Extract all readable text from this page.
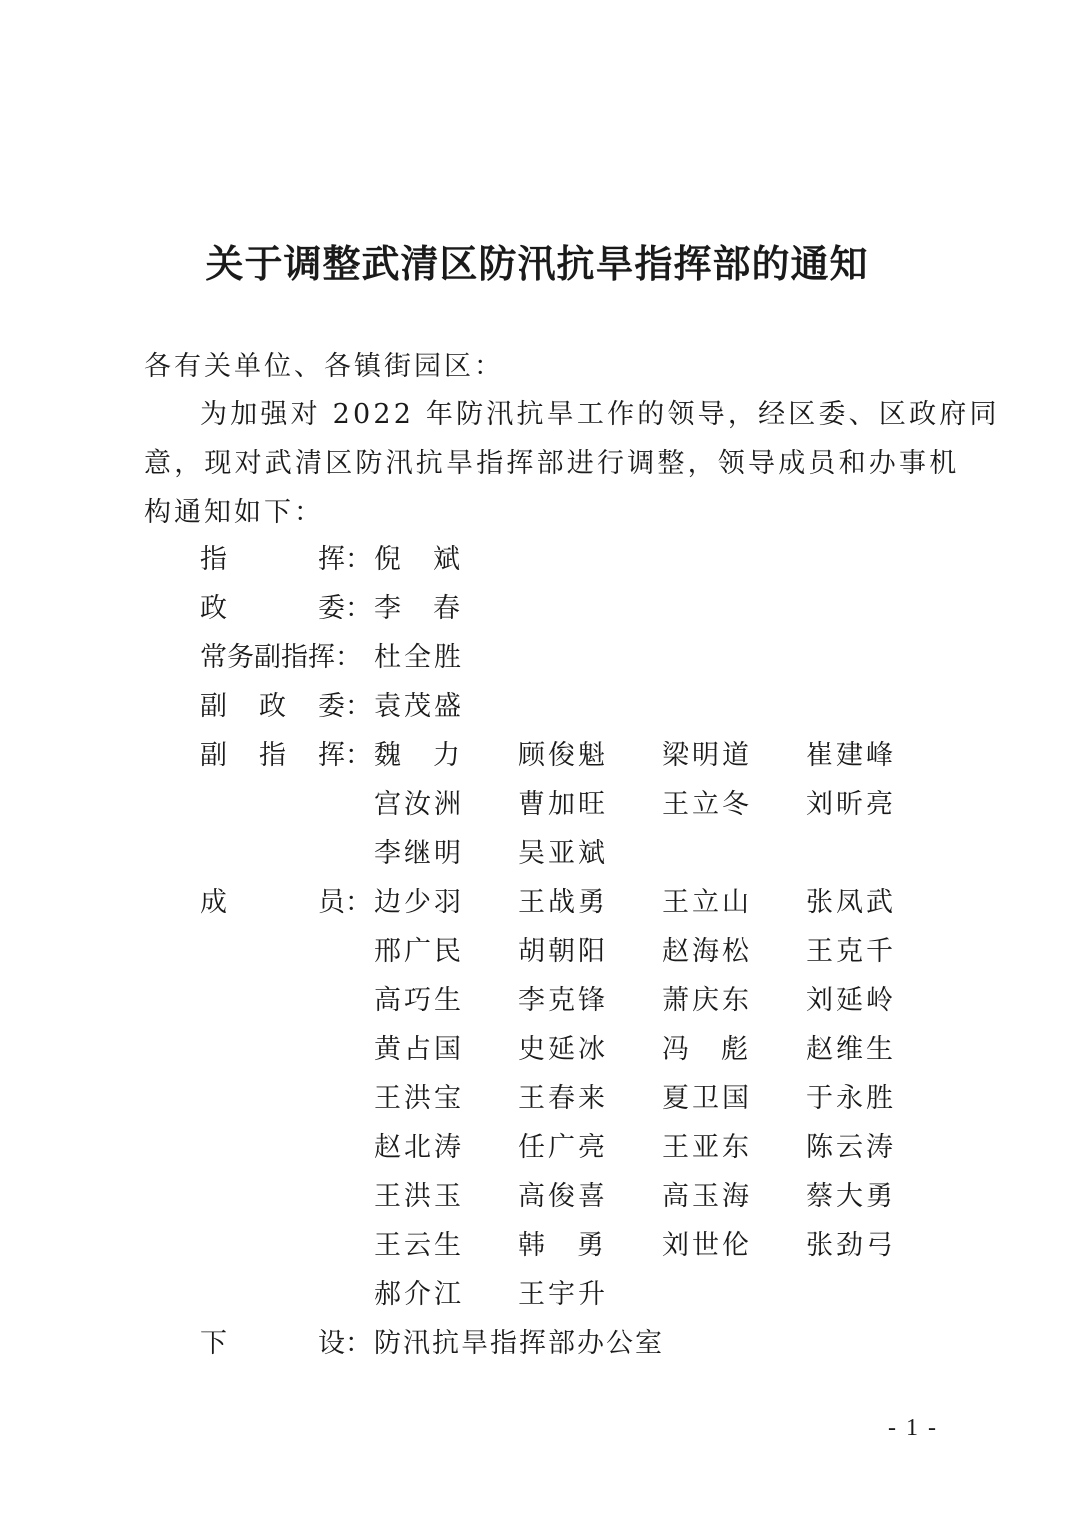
关于调整武清区防汛抗旱指挥部的通知
各有关单位、各镇街园区：
为加强对 2022 年防汛抗旱工作的领导，经区委、区政府同
意，现对武清区防汛抗旱指挥部进行调整，领导成员和办事机
构通知如下：
指	挥： 倪 斌
政	委： 李 春
常务副指挥： 杜全胜
副 政 委： 袁茂盛
副 指 挥： 魏 力 顾俊魁 梁明道 崔建峰
宫汝洲 曹加旺 王立冬 刘昕亮
李继明 吴亚斌
成	员： 边少羽 王战勇 王立山 张凤武
邢广民 胡朝阳 赵海松 王克千
高巧生 李克锋 萧庆东 刘延岭
黄占国 史延冰 冯 彪 赵维生
王洪宝 王春来 夏卫国 于永胜
赵北涛 任广亮 王亚东 陈云涛
王洪玉 高俊喜 高玉海 蔡大勇
王云生 韩 勇 刘世伦 张劲弓
郝介江 王宇升
下	设： 防汛抗旱指挥部办公室
- 1 -
